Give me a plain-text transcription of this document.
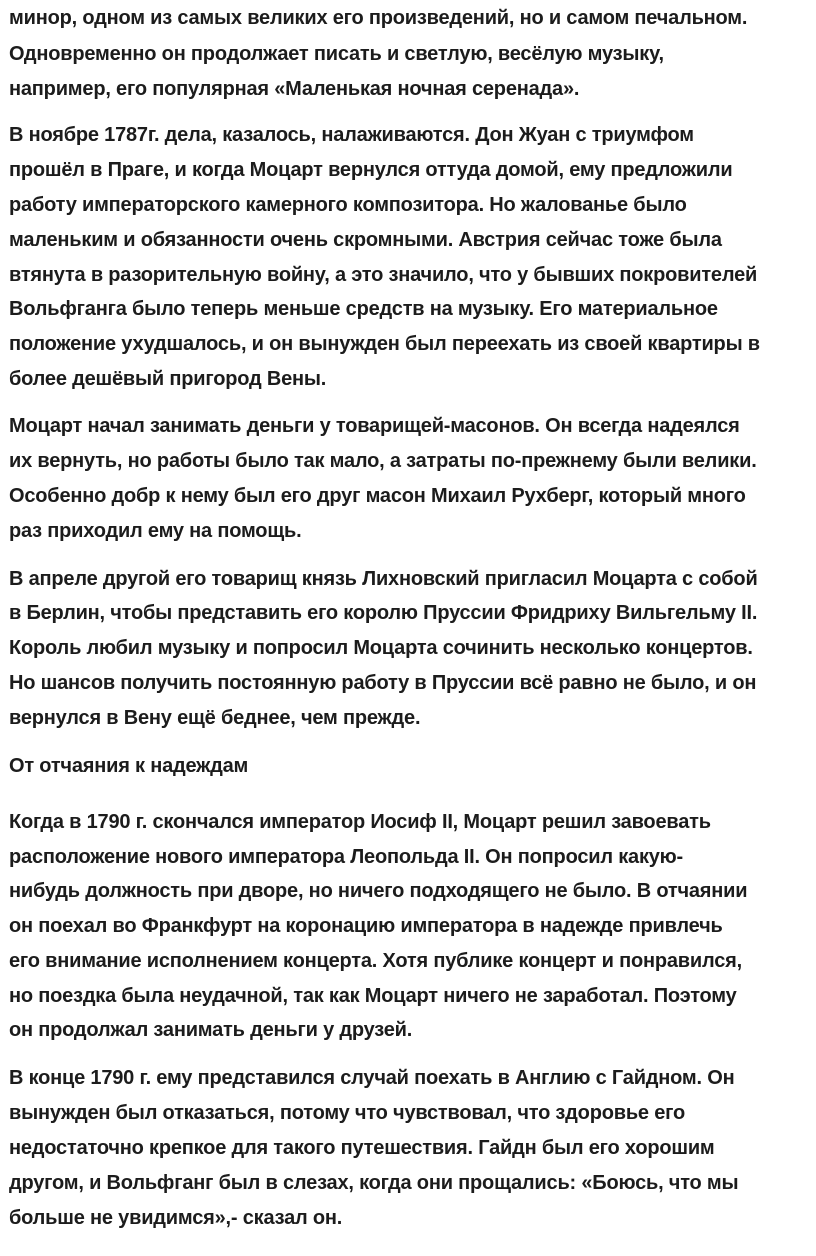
минор, одном из самых великих его произведений, но и самом печальном.
Одновременно он продолжает писать и светлую, весёлую музыку,
например, его популярная «Маленькая ночная серенада».
В ноябре 1787г. дела, казалось, налаживаются. Дон Жуан с триумфом
прошёл в Праге, и когда Моцарт вернулся оттуда домой, ему предложили
работу императорского камерного композитора. Но жалованье было
маленьким и обязанности очень скромными. Австрия сейчас тоже была
втянута в разорительную войну, а это значило, что у бывших покровителей
Вольфганга было теперь меньше средств на музыку. Его материальное
положение ухудшалось, и он вынужден был переехать из своей квартиры в
более дешёвый пригород Вены.
Моцарт начал занимать деньги у товарищей-масонов. Он всегда надеялся
их вернуть, но работы было так мало, а затраты по-прежнему были велики.
Особенно добр к нему был его друг масон Михаил Рухберг, который много
раз приходил ему на помощь.
В апреле другой его товарищ князь Лихновский пригласил Моцарта с собой
в Берлин, чтобы представить его королю Пруссии Фридриху Вильгельму II.
Король любил музыку и попросил Моцарта сочинить несколько концертов.
Но шансов получить постоянную работу в Пруссии всё равно не было, и он
вернулся в Вену ещё беднее, чем прежде.
От отчаяния к надеждам
Когда в 1790 г. скончался император Иосиф II, Моцарт решил завоевать
расположение нового императора Леопольда II. Он попросил какую-
нибудь должность при дворе, но ничего подходящего не было. В отчаянии
он поехал во Франкфурт на коронацию императора в надежде привлечь
его внимание исполнением концерта. Хотя публике концерт и понравился,
но поездка была неудачной, так как Моцарт ничего не заработал. Поэтому
он продолжал занимать деньги у друзей.
В конце 1790 г. ему представился случай поехать в Англию с Гайдном. Он
вынужден был отказаться, потому что чувствовал, что здоровье его
недостаточно крепкое для такого путешествия. Гайдн был его хорошим
другом, и Вольфганг был в слезах, когда они прощались: «Боюсь, что мы
больше не увидимся»,- сказал он.
